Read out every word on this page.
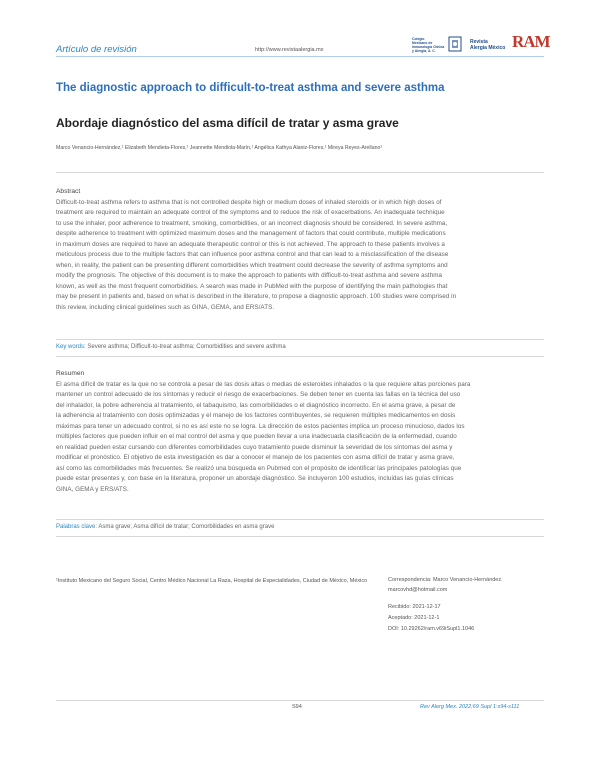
Artículo de revisión	http://www.revistaalergia.mx
Colegio
Mexicano de
Inmunología Clínica
y Alergia, A. C.
Revista
Alergia México RAM
The diagnostic approach to difficult-to-treat asthma and severe asthma
Abordaje diagnóstico del asma difícil de tratar y asma grave
Marco Venancio-Hernández,¹ Elizabeth Mendieta-Flores,¹ Jeannette Mendiola-Marín,¹ Angélica Kathya Alaniz-Flores,¹ Mireya Reyes-Arellano¹
Abstract
Difficult-to-treat asthma refers to asthma that is not controlled despite high or medium doses of inhaled steroids or in which high doses of
treatment are required to maintain an adequate control of the symptoms and to reduce the risk of exacerbations. An inadequate technique
to use the inhaler, poor adherence to treatment, smoking, comorbidities, or an incorrect diagnosis should be considered. In severe asthma,
despite adherence to treatment with optimized maximum doses and the management of factors that could contribute, multiple medications
in maximum doses are required to have an adequate therapeutic control or this is not achieved. The approach to these patients involves a
meticulous process due to the multiple factors that can influence poor asthma control and that can lead to a misclassification of the disease
when, in reality, the patient can be presenting different comorbidities which treatment could decrease the severity of asthma symptoms and
modify the prognosis. The objective of this document is to make the approach to patients with difficult-to-treat asthma and severe asthma
known, as well as the most frequent comorbidities. A search was made in PubMed with the purpose of identifying the main pathologies that
may be present in patients and, based on what is described in the literature, to propose a diagnostic approach. 100 studies were comprised in
this review, including clinical guidelines such as GINA, GEMA, and ERS/ATS.
Key words: Severe asthma; Difficult-to-treat asthma; Comorbidities and severe asthma
Resumen
El asma difícil de tratar es la que no se controla a pesar de las dosis altas o medias de esteroides inhalados o la que requiere altas porciones para
mantener un control adecuado de los síntomas y reducir el riesgo de exacerbaciones. Se deben tener en cuenta las fallas en la técnica del uso
del inhalador, la pobre adherencia al tratamiento, el tabaquismo, las comorbilidades o el diagnóstico incorrecto. En el asma grave, a pesar de
la adherencia al tratamiento con dosis optimizadas y el manejo de los factores contribuyentes, se requieren múltiples medicamentos en dosis
máximas para tener un adecuado control, si no es así este no se logra. La dirección de estos pacientes implica un proceso minucioso, dados los
múltiples factores que pueden influir en el mal control del asma y que pueden llevar a una inadecuada clasificación de la enfermedad, cuando
en realidad pueden estar cursando con diferentes comorbilidades cuyo tratamiento puede disminuir la severidad de los síntomas del asma y
modificar el pronóstico. El objetivo de esta investigación es dar a conocer el manejo de los pacientes con asma difícil de tratar y asma grave,
así como las comorbilidades más frecuentes. Se realizó una búsqueda en Pubmed con el propósito de identificar las principales patologías que
puede estar presentes y, con base en la literatura, proponer un abordaje diagnóstico. Se incluyeron 100 estudios, incluidas las guías clínicas
GINA, GEMA y ERS/ATS.
Palabras clave: Asma grave; Asma difícil de tratar; Comorbilidades en asma grave
¹Instituto Mexicano del Seguro Social, Centro Médico Nacional La Raza, Hospital de Especialidades, Ciudad de México, México	Correspondencia: Marco Venancio-Hernández.
marcovhd@hotmail.com
Recibido: 2021-12-17
Aceptado: 2021-12-1
DOI: 10.29262/ram.v69iSupl1.1046
S94	Rev Alerg Mex. 2022;69 Supl 1:s94-s111
